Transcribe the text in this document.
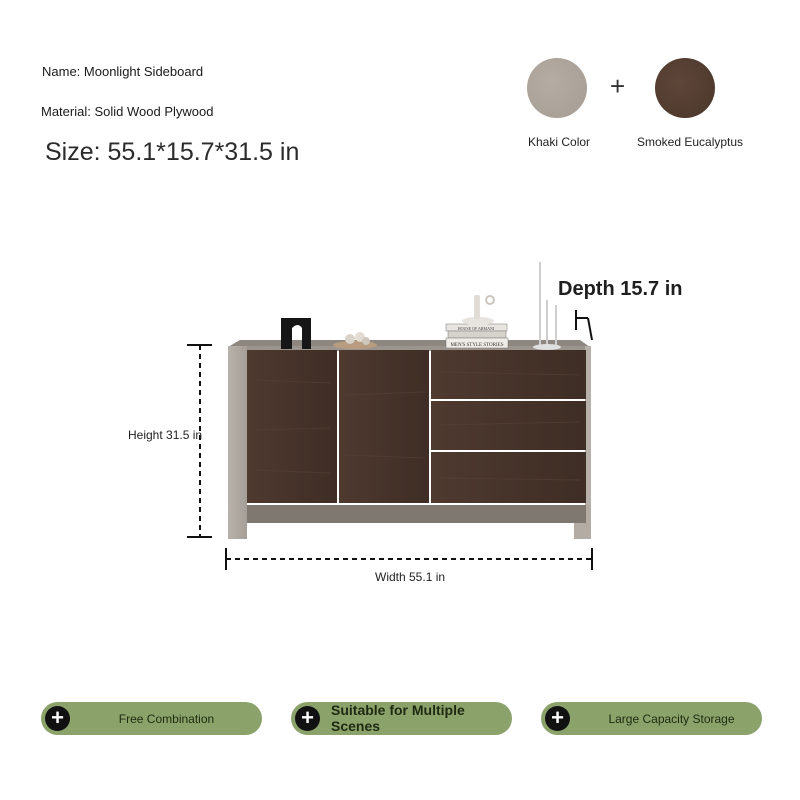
Name: Moonlight Sideboard
Material: Solid Wood Plywood
Size: 55.1*15.7*31.5 in
+
Khaki Color	Smoked Eucalyptus
HOUSE OF ARMANI
MEN'S STYLE STORIES
Depth 15.7 in
Height 31.5 in
Width 55.1 in
+	Free Combination	+	Suitable for Multiple Scenes	+	Large Capacity Storage
